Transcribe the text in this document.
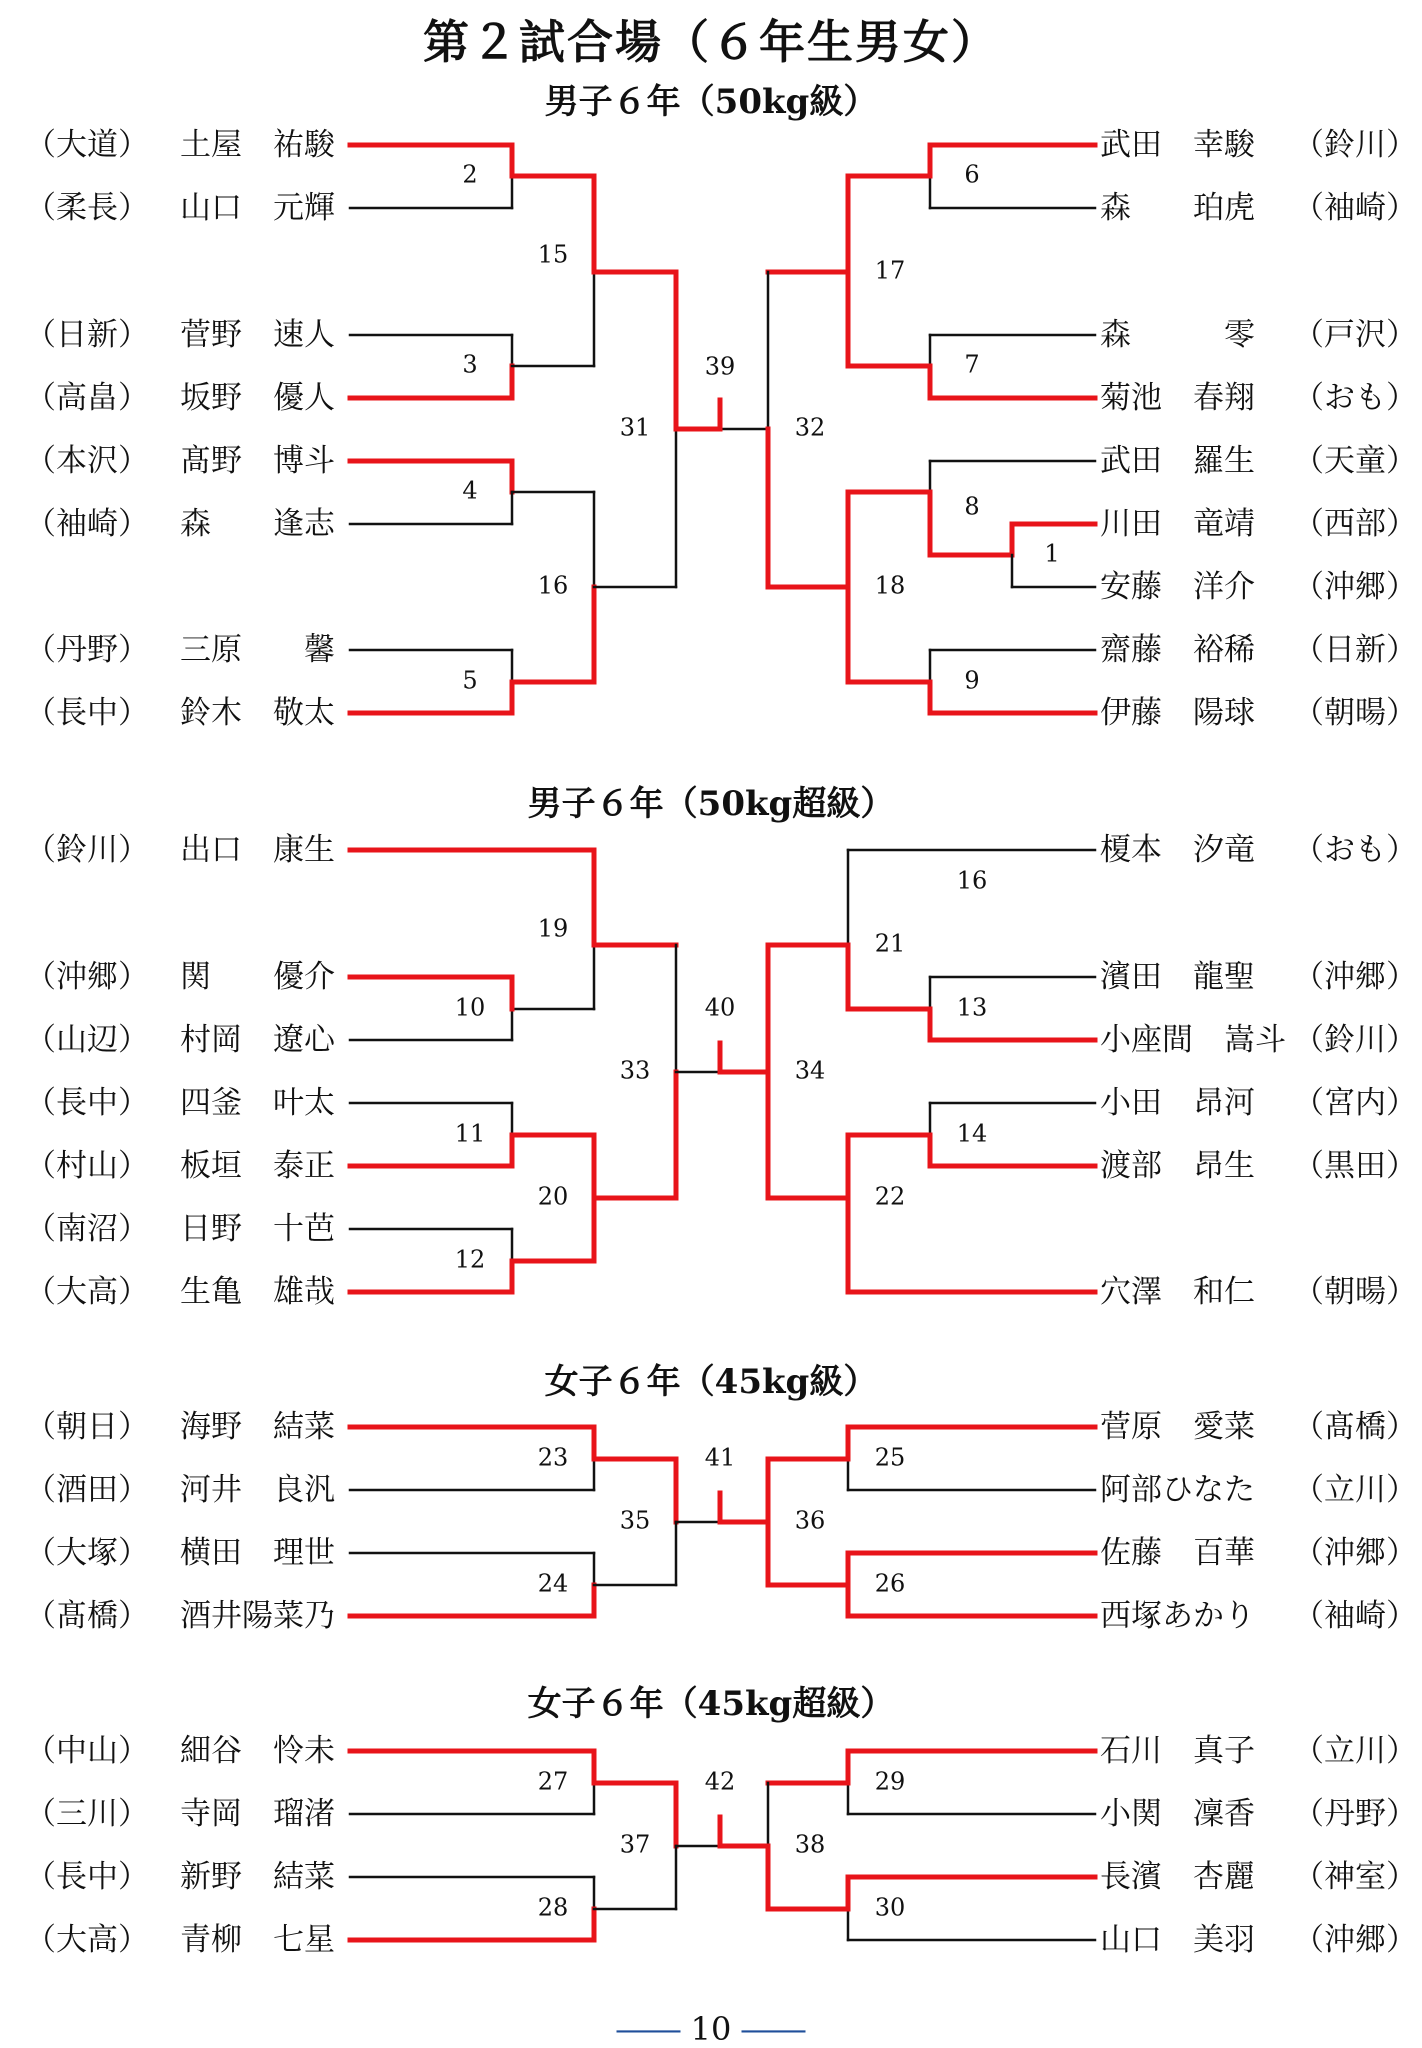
第２試合場（６年生男女）
男子６年（50kg級）
男子６年（50kg超級）
女子６年（45kg級）
女子６年（45kg超級）
（大道） 土屋　祐駿
（柔長） 山口　元輝
（日新） 菅野　速人
（高畠） 坂野　優人
（本沢） 髙野　博斗
（袖崎） 森　　逢志
（丹野） 三原　　馨
（長中） 鈴木　敬太
（鈴川） 出口　康生
（沖郷） 関　　優介
（山辺） 村岡　遼心
（長中） 四釜　叶太
（村山） 板垣　泰正
（南沼） 日野　十芭
（大高） 生亀　雄哉
（朝日） 海野　結菜
（酒田） 河井　良汎
（大塚） 横田　理世
（髙橋） 酒井陽菜乃
（中山） 細谷　怜未
（三川） 寺岡　瑠渚
（長中） 新野　結菜
（大高） 青柳　七星
武田　幸駿	（鈴川）
森　　珀虎	（袖崎）
森　　　零	（戸沢）
菊池　春翔	（おも）
武田　羅生	（天童）
川田　竜靖	（西部）
安藤　洋介	（沖郷）
齋藤　裕稀	（日新）
伊藤　陽球	（朝暘）
榎本　汐竜	（おも）
濱田　龍聖	（沖郷）
小座間　嵩斗 （鈴川）
小田　昂河	（宮内）
渡部　昂生	（黒田）
穴澤　和仁	（朝暘）
菅原　愛菜	（髙橋）
阿部ひなた	（立川）
佐藤　百華	（沖郷）
西塚あかり	（袖崎）
石川　真子	（立川）
小関　凜香	（丹野）
長濱　杏麗	（神室）
山口　美羽	（沖郷）
2
3
4
5
15
16
31
39
6
7
8
1
9
17
18
32
19
10
11
12
20
33
40
16
21
13
14
22
34
23
24
35
41	25
26
36
27
28
37
42	29
30
38
―― 10 ――
